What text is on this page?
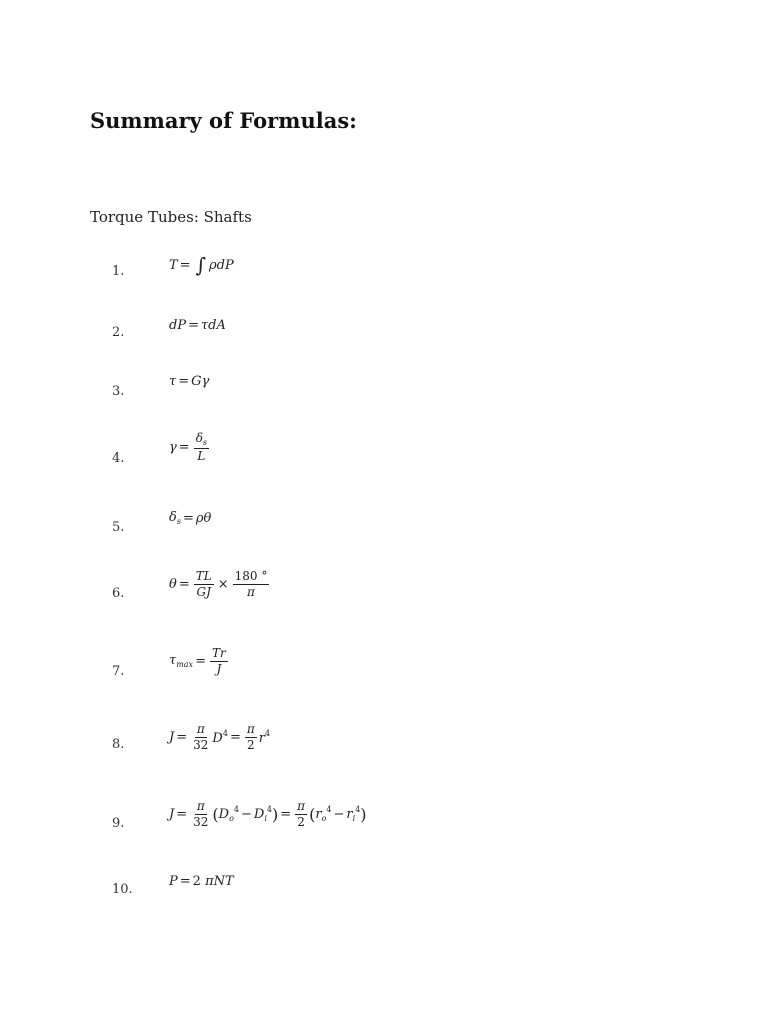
Summary of Formulas:
Torque Tubes: Shafts
1.	T = ∫ ρdP
2.	dP = τdA
3.
τ = Gγ
4.
$\gamma = \frac{\delta_s}{L}$
5.
$\delta_s = \rho\theta$
6.
$\theta = \frac{TL}{GJ} \times \frac{180 ^\circ}{\pi}$
7.
$\tau_{max} = \frac{Tr}{J}$
8.	$J = \frac{\pi}{32} D^4 = \frac{\pi}{2} r^4$
9.
$J = \frac{\pi}{32}$ ( $D_o^4 - D_i^4$ ) = $\frac{\pi}{2}$ ( $r_o^4 - r_i^4$ )
10.
P = 2
πNT
